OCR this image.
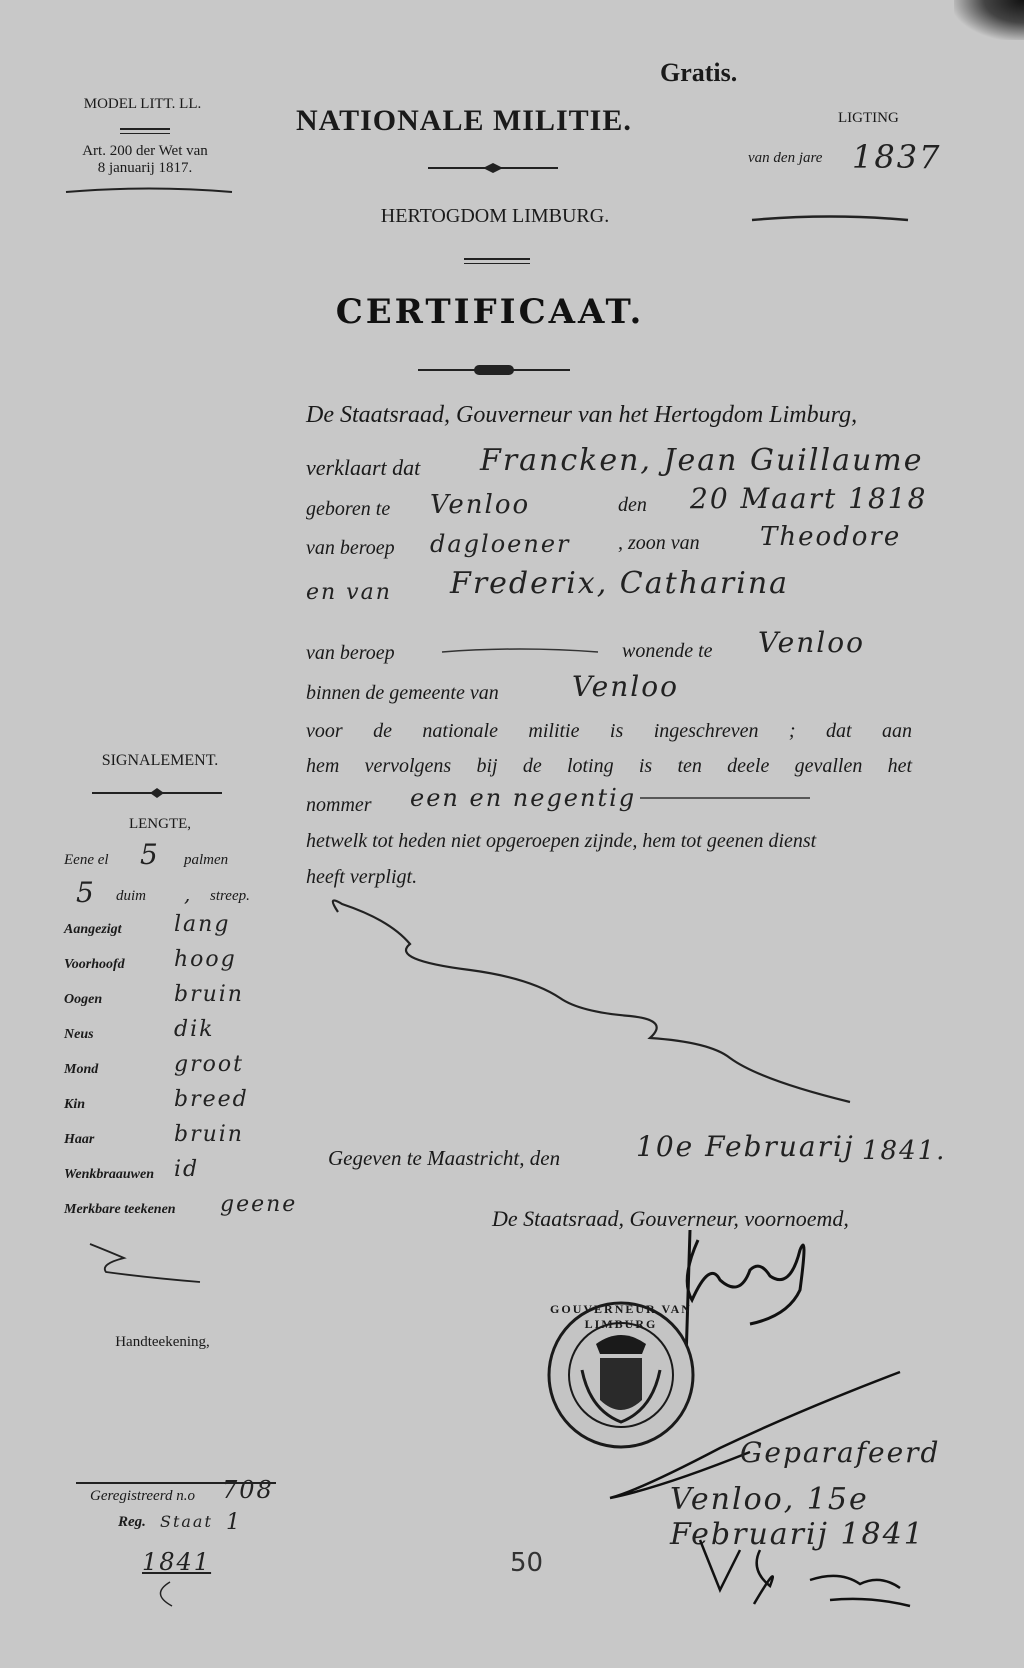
MODEL LITT. LL.
Art. 200 der Wet van
8 januarij 1817.
Gratis.
NATIONALE MILITIE.	LIGTING
van den jare 1837
HERTOGDOM LIMBURG.
CERTIFICAAT.
De Staatsraad, Gouverneur van het Hertogdom Limburg,
verklaart dat Francken, Jean Guillaume
geboren te Venloo	den 20 Maart 1818
van beroep dagloener , zoon van Theodore
en van Frederix, Catharina
van beroep	wonende te Venloo
binnen de gemeente van	Venloo
voor de nationale militie is ingeschreven ; dat aan
hem vervolgens bij de loting is ten deele gevallen het
nommer een en negentig
hetwelk tot heden niet opgeroepen zijnde, hem tot geenen dienst
heeft verpligt.
Gegeven te Maastricht, den	10e Februarij 1841.
De Staatsraad, Gouverneur, voornoemd,
GOUVERNEUR VAN LIMBURG
Geparafeerd
Venloo, 15e Februarij 1841
SIGNALEMENT.
LENGTE,
Eene el 5 palmen
5 duim , streep.
Aangezigt lang
Voorhoofd hoog
Oogen	bruin
Neus	dik
Mond	groot
Kin	breed
Haar	bruin
Wenkbraauwen id
Merkbare teekenen geene
Handteekening,
Geregistreerd n.o 708
Reg. Staat 1
1841	50
